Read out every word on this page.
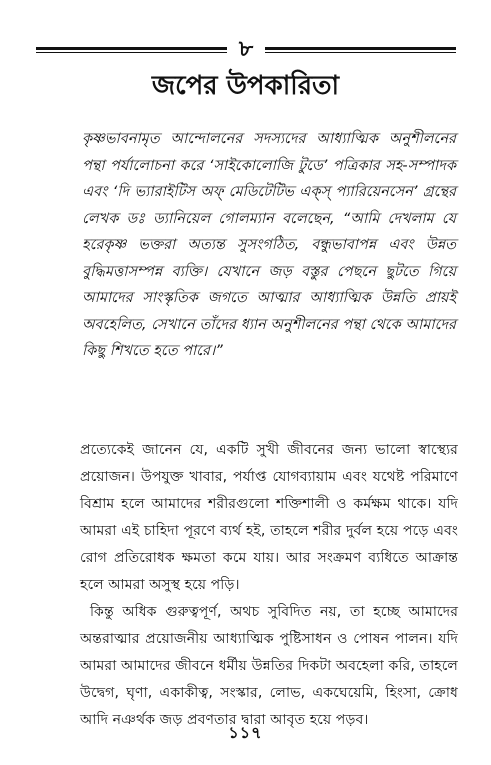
৮
জপের উপকারিতা
কৃষ্ণভাবনামৃত আন্দোলনের সদস্যদের আধ্যাত্মিক অনুশীলনের পন্থা পর্যালোচনা করে ‘সাইকোলোজি টুডে’ পত্রিকার সহ-সম্পাদক এবং ‘দি ভ্যারাইটিস অফ্ মেডিটেটিভ এক্স্ প্যারিয়েনসেন’ গ্রন্থের লেখক ডঃ ড্যানিয়েল গোলম্যান বলেছেন, “আমি দেখলাম যে হরেকৃষ্ণ ভক্তরা অত্যন্ত সুসংগঠিত, বন্ধুভাবাপন্ন এবং উন্নত বুদ্ধিমত্তাসম্পন্ন ব্যক্তি। যেখানে জড় বস্তুর পেছনে ছুটতে গিয়ে আমাদের সাংস্কৃতিক জগতে আত্মার আধ্যাত্মিক উন্নতি প্রায়ই অবহেলিত, সেখানে তাঁদের ধ্যান অনুশীলনের পন্থা থেকে আমাদের কিছু শিখতে হতে পারে।”

প্রত্যেকেই জানেন যে, একটি সুখী জীবনের জন্য ভালো স্বাস্থ্যের প্রয়োজন। উপযুক্ত খাবার, পর্যাপ্ত যোগব্যায়াম এবং যথেষ্ট পরিমাণে বিশ্রাম হলে আমাদের শরীরগুলো শক্তিশালী ও কর্মক্ষম থাকে। যদি আমরা এই চাহিদা পূরণে ব্যর্থ হই, তাহলে শরীর দুর্বল হয়ে পড়ে এবং রোগ প্রতিরোধক ক্ষমতা কমে যায়। আর সংক্রমণ ব্যধিতে আক্রান্ত হলে আমরা অসুস্থ হয়ে পড়ি।

কিন্তু অধিক গুরুত্বপূর্ণ, অথচ সুবিদিত নয়, তা হচ্ছে আমাদের অন্তরাত্মার প্রয়োজনীয় আধ্যাত্মিক পুষ্টিসাধন ও পোষন পালন। যদি আমরা আমাদের জীবনে ধর্মীয় উন্নতির দিকটা অবহেলা করি, তাহলে উদ্বেগ, ঘৃণা, একাকীত্ব, সংস্কার, লোভ, একঘেয়েমি, হিংসা, ক্রোধ আদি নঞর্থক জড় প্রবণতার দ্বারা আবৃত হয়ে পড়ব।

১১৭
